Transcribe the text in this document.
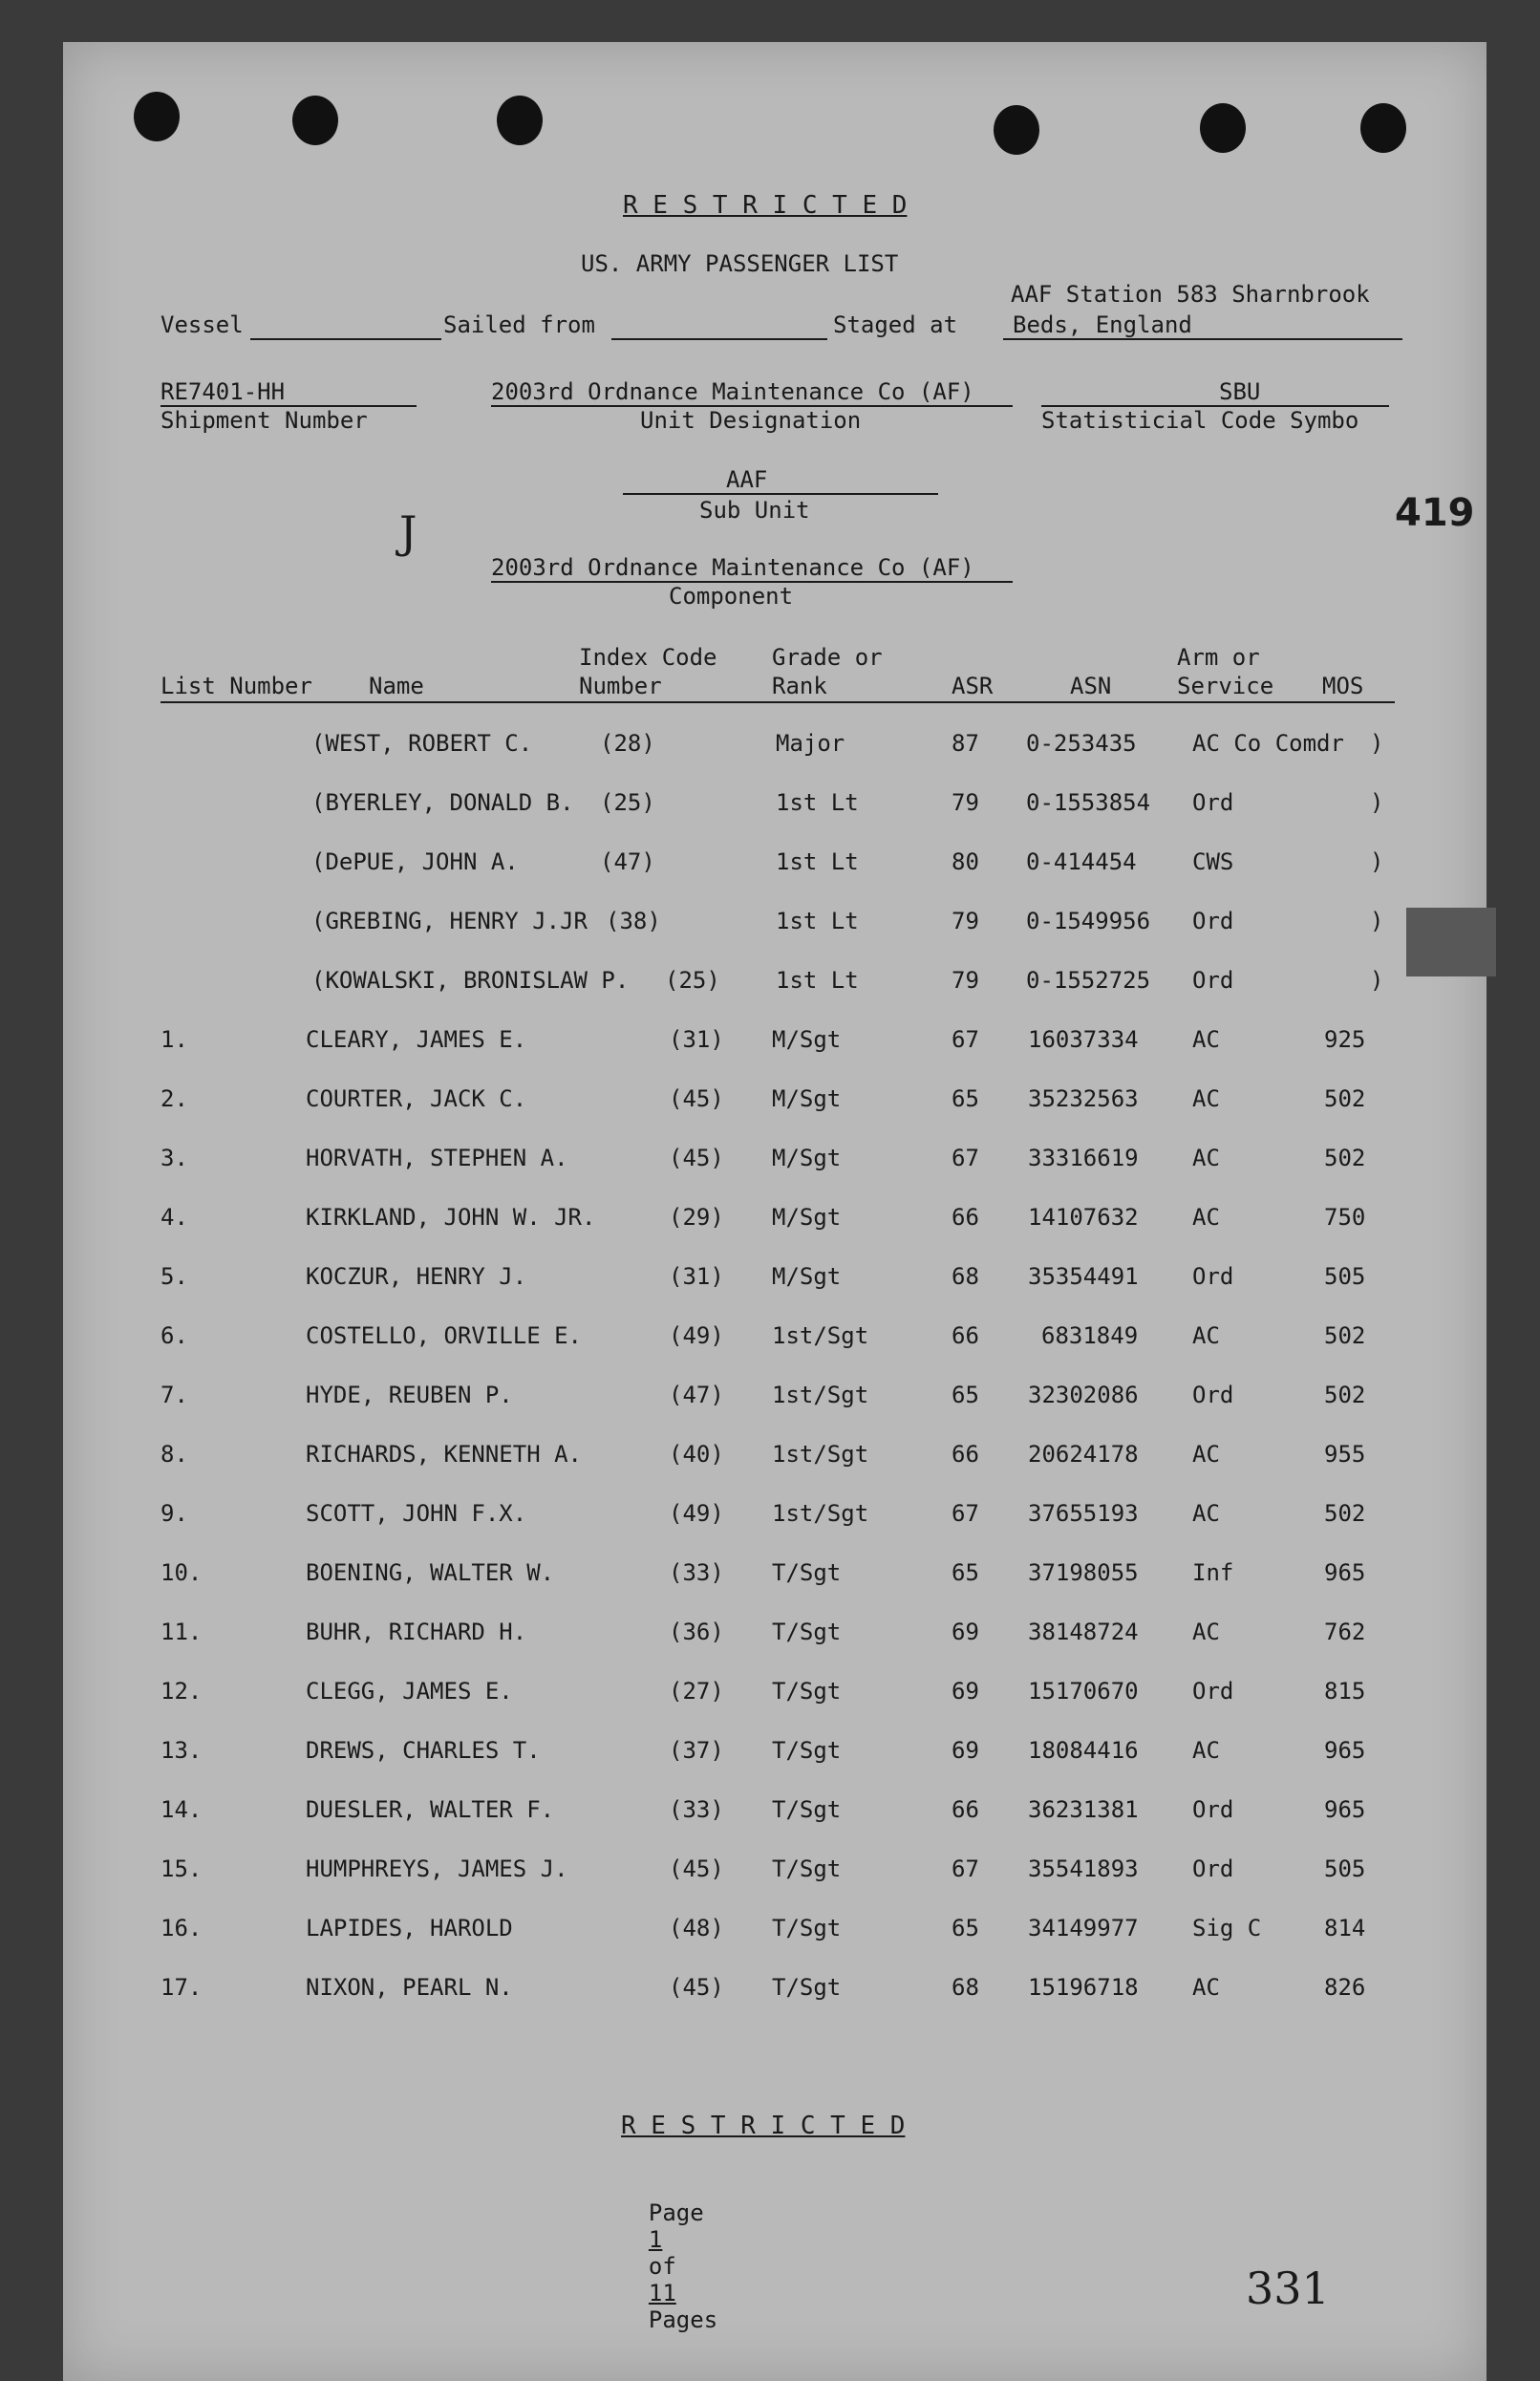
R E S T R I C T E D
US. ARMY PASSENGER LIST
AAF Station 583 Sharnbrook
Vessel	Sailed from	Staged at Beds, England
RE7401-HH
Shipment Number
2003rd Ordnance Maintenance Co (AF)
Unit Designation
SBU
Statisticial Code Symbo
AAF
Sub Unit
J	419
2003rd Ordnance Maintenance Co (AF)
Component
Index Code Grade or	Arm or
List Number Name	Number	Rank	ASR	ASN	Service MOS
(WEST, ROBERT C.	(28)	Major	87 0-253435 AC Co Comdr )
(BYERLEY, DONALD B. (25)	1st Lt	79 0-1553854 Ord	)
(DePUE, JOHN A.	(47)	1st Lt	80 0-414454 CWS	)
(GREBING, HENRY J.JR (38)	1st Lt	79 0-1549956 Ord	)
(KOWALSKI, BRONISLAW P. (25) 1st Lt	79 0-1552725 Ord	)
1.	CLEARY, JAMES E.	(31) M/Sgt	67 16037334 AC	925
2.	COURTER, JACK C.	(45) M/Sgt	65 35232563 AC	502
3.	HORVATH, STEPHEN A.	(45) M/Sgt	67 33316619 AC	502
4.	KIRKLAND, JOHN W. JR.	(29) M/Sgt	66 14107632 AC	750
5.	KOCZUR, HENRY J.	(31) M/Sgt	68 35354491 Ord	505
6.	COSTELLO, ORVILLE E.	(49) 1st/Sgt	66	6831849 AC	502
7.	HYDE, REUBEN P.	(47) 1st/Sgt	65 32302086 Ord	502
8.	RICHARDS, KENNETH A.	(40) 1st/Sgt	66 20624178 AC	955
9.	SCOTT, JOHN F.X.	(49) 1st/Sgt	67 37655193 AC	502
10.	BOENING, WALTER W.	(33) T/Sgt	65 37198055 Inf	965
11.	BUHR, RICHARD H.	(36) T/Sgt	69 38148724 AC	762
12.	CLEGG, JAMES E.	(27) T/Sgt	69 15170670 Ord	815
13.	DREWS, CHARLES T.	(37) T/Sgt	69 18084416 AC	965
14.	DUESLER, WALTER F.	(33) T/Sgt	66 36231381 Ord	965
15.	HUMPHREYS, JAMES J.	(45) T/Sgt	67 35541893 Ord	505
16.	LAPIDES, HAROLD	(48) T/Sgt	65 34149977 Sig C	814
17.	NIXON, PEARL N.	(45) T/Sgt	68 15196718 AC	826
R E S T R I C T E D

Page
1
of
11
Pages

331
